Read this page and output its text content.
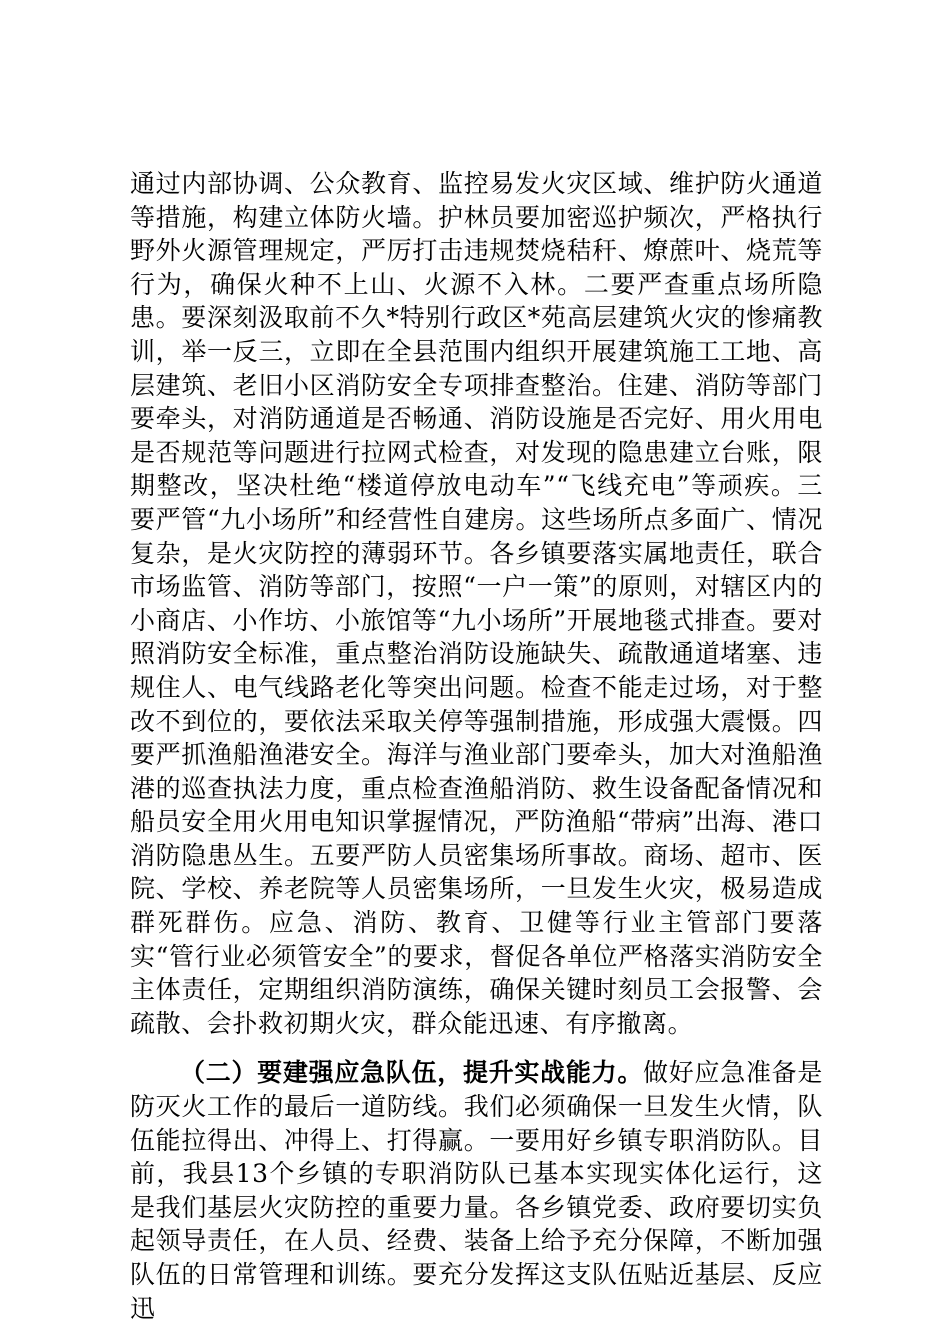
通过内部协调、公众教育、监控易发火灾区域、维护防火通道等措施，构建立体防火墙。护林员要加密巡护频次，严格执行野外火源管理规定，严厉打击违规焚烧秸秆、燎蔗叶、烧荒等行为，确保火种不上山、火源不入林。二要严查重点场所隐患。要深刻汲取前不久*特别行政区*苑高层建筑火灾的惨痛教训，举一反三，立即在全县范围内组织开展建筑施工工地、高层建筑、老旧小区消防安全专项排查整治。住建、消防等部门要牵头，对消防通道是否畅通、消防设施是否完好、用火用电是否规范等问题进行拉网式检查，对发现的隐患建立台账，限期整改，坚决杜绝“楼道停放电动车”“飞线充电”等顽疾。三要严管“九小场所”和经营性自建房。这些场所点多面广、情况复杂，是火灾防控的薄弱环节。各乡镇要落实属地责任，联合市场监管、消防等部门，按照“一户一策”的原则，对辖区内的小商店、小作坊、小旅馆等“九小场所”开展地毯式排查。要对照消防安全标准，重点整治消防设施缺失、疏散通道堵塞、违规住人、电气线路老化等突出问题。检查不能走过场，对于整改不到位的，要依法采取关停等强制措施，形成强大震慑。四要严抓渔船渔港安全。海洋与渔业部门要牵头，加大对渔船渔港的巡查执法力度，重点检查渔船消防、救生设备配备情况和船员安全用火用电知识掌握情况，严防渔船“带病”出海、港口消防隐患丛生。五要严防人员密集场所事故。商场、超市、医院、学校、养老院等人员密集场所，一旦发生火灾，极易造成群死群伤。应急、消防、教育、卫健等行业主管部门要落实“管行业必须管安全”的要求，督促各单位严格落实消防安全主体责任，定期组织消防演练，确保关键时刻员工会报警、会疏散、会扑救初期火灾，群众能迅速、有序撤离。

（二）要建强应急队伍，提升实战能力。做好应急准备是防灭火工作的最后一道防线。我们必须确保一旦发生火情，队伍能拉得出、冲得上、打得赢。一要用好乡镇专职消防队。目前，我县13个乡镇的专职消防队已基本实现实体化运行，这是我们基层火灾防控的重要力量。各乡镇党委、政府要切实负起领导责任，在人员、经费、装备上给予充分保障，不断加强队伍的日常管理和训练。要充分发挥这支队伍贴近基层、反应迅
